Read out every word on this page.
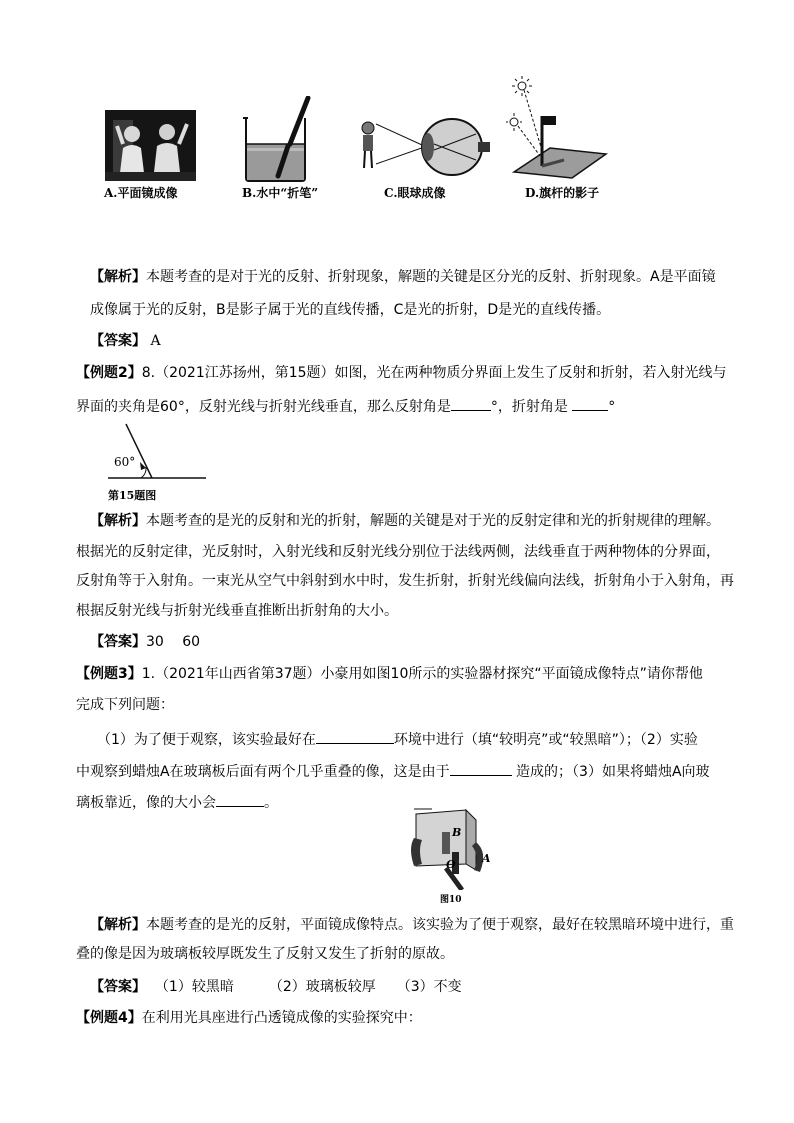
A.平面镜成像	B.水中“折笔”	C.眼球成像	D.旗杆的影子
【解析】本题考查的是对于光的反射、折射现象，解题的关键是区分光的反射、折射现象。A是平面镜
成像属于光的反射，B是影子属于光的直线传播，C是光的折射，D是光的直线传播。
【答案】 A
【例题2】8.（2021江苏扬州，第15题）如图，光在两种物质分界面上发生了反射和折射，若入射光线与
界面的夹角是60°，反射光线与折射光线垂直，那么反射角是	°，折射角是	°
60°
第15题图
【解析】本题考查的是光的反射和光的折射，解题的关键是对于光的反射定律和光的折射规律的理解。
根据光的反射定律，光反射时，入射光线和反射光线分别位于法线两侧，法线垂直于两种物体的分界面，
反射角等于入射角。一束光从空气中斜射到水中时，发生折射，折射光线偏向法线，折射角小于入射角，再
根据反射光线与折射光线垂直推断出折射角的大小。
【答案】30　 60
【例题3】1.（2021年山西省第37题）小豪用如图10所示的实验器材探究“平面镜成像特点”请你帮他
完成下列问题：
（1）为了便于观察，该实验最好在	环境中进行（填“较明亮”或“较黑暗”）；（2）实验
中观察到蜡烛A在玻璃板后面有两个几乎重叠的像，这是由于	造成的；（3）如果将蜡烛A向玻
璃板靠近，像的大小会	。
B
O A
图10
【解析】本题考查的是光的反射，平面镜成像特点。该实验为了便于观察，最好在较黑暗环境中进行，重
叠的像是因为玻璃板较厚既发生了反射又发生了折射的原故。
【答案】 （1）较黑暗　　　（2）玻璃板较厚　　（3）不变
【例题4】在利用光具座进行凸透镜成像的实验探究中：
